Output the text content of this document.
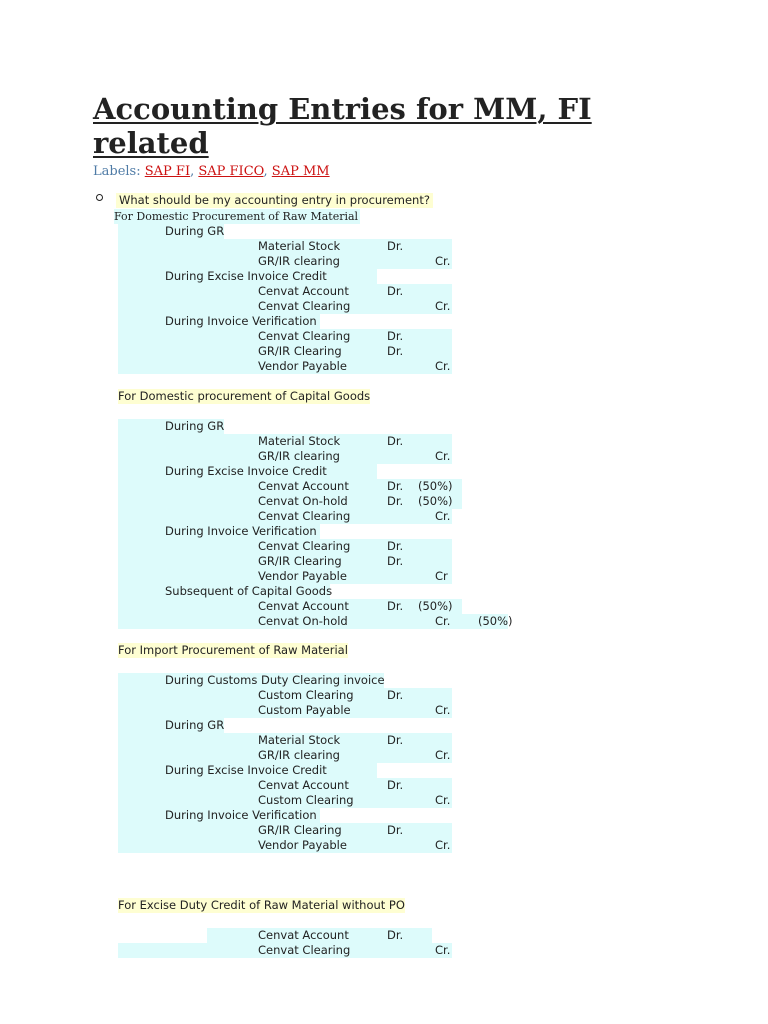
Accounting Entries for MM, FI related
Labels: SAP FI, SAP FICO, SAP MM
What should be my accounting entry in procurement?
For Domestic Procurement of Raw Material
During GR
Material Stock	Dr.
GR/IR clearing	Cr.
During Excise Invoice Credit
Cenvat Account	Dr.
Cenvat Clearing	Cr.
During Invoice Verification
Cenvat Clearing	Dr.
GR/IR Clearing	Dr.
Vendor Payable	Cr.
During GR
Material Stock	Dr.
GR/IR clearing	Cr.
During Excise Invoice Credit
Cenvat Account	Dr. (50%)
Cenvat On-hold	Dr. (50%)
Cenvat Clearing	Cr.
During Invoice Verification
Cenvat Clearing	Dr.
GR/IR Clearing	Dr.
Vendor Payable	Cr
Subsequent of Capital Goods
Cenvat Account	Dr. (50%)
Cenvat On-hold	Cr. (50%)
During Customs Duty Clearing invoice
Custom Clearing	Dr.
Custom Payable	Cr.
During GR
Material Stock	Dr.
GR/IR clearing	Cr.
During Excise Invoice Credit
Cenvat Account	Dr.
Custom Clearing	Cr.
During Invoice Verification
GR/IR Clearing	Dr.
Vendor Payable	Cr.
Cenvat Account	Dr.
Cenvat Clearing	Cr.
For Domestic procurement of Capital Goods
For Import Procurement of Raw Material
For Excise Duty Credit of Raw Material without PO
